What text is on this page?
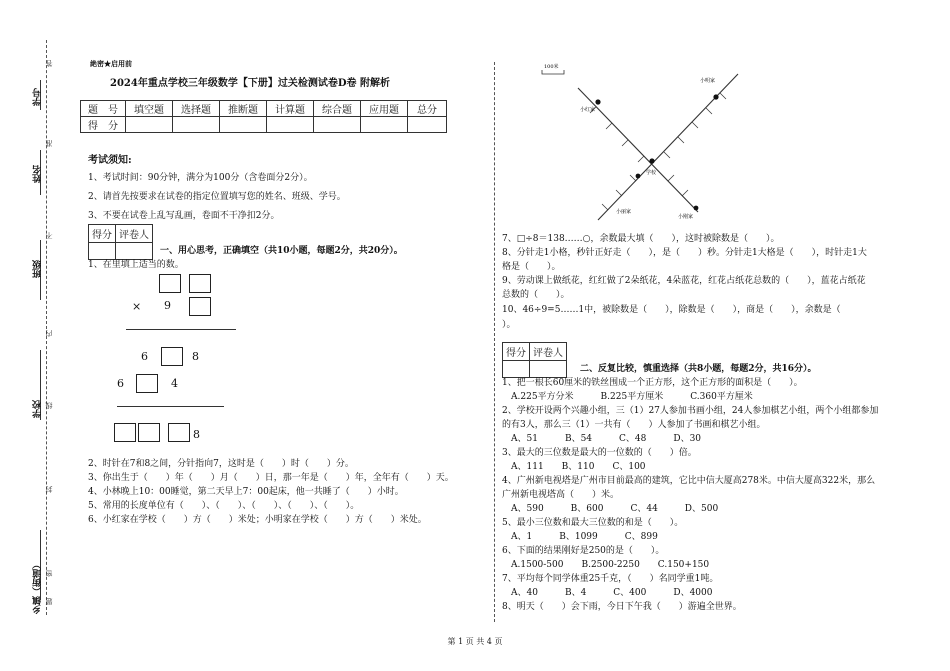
学号
姓名
班级
学校
乡镇（街道）
答
准
不
内
线
封
密
题
絶密★启用前
2024年重点学校三年级数学【下册】过关检测试卷D卷 附解析
题　号	填空题	选择题	推断题	计算题	综合题	应用题	总分
得　分							
考试须知:
1、考试时间：90分钟，满分为100分（含卷面分2分）。
2、请首先按要求在试卷的指定位置填写您的姓名、班级、学号。
3、不要在试卷上乱写乱画，卷面不干净扣2分。
得分	评卷人

一、用心思考，正确填空（共10小题，每题2分，共20分）。
1、在里填上适当的数。
× 9
6	8
6	4
8
2、时针在7和8之间，分针指向7，这时是（　　）时（　　）分。
3、你出生于（　　）年（　　）月（　　）日，那一年是（　　）年，全年有（　　）天。
4、小林晚上10：00睡觉，第二天早上7：00起床，他一共睡了（　　）小时。
5、常用的长度单位有（　　）、（　　）、（　　）、（　　）、（　　）。
6、小红家在学校（　　）方（　　）米处；小明家在学校（　　）方（　　）米处。
100米
小明家
小红家
学校
小刚家
小丽家
7、□÷8＝138……○，余数最大填（　　），这时被除数是（　　）。
8、分针走1小格，秒针正好走（　　），是（　　）秒。分针走1大格是（　　），时针走1大
格是（　　）。
9、劳动课上做纸花，红红做了2朵纸花，4朵蓝花，红花占纸花总数的（　　），蓝花占纸花
总数的（　　）。
10、46÷9=5……1中，被除数是（　　），除数是（　　），商是（　　），余数是（
）。
得分	评卷人

二、反复比较，慎重选择（共8小题，每题2分，共16分）。
1、把一根长60厘米的铁丝围成一个正方形，这个正方形的面积是（　　）。
　A.225平方分米　　　B.225平方厘米　　　C.360平方厘米
2、学校开设两个兴趣小组，三（1）27人参加书画小组，24人参加棋艺小组，两个小组都参加
的有3人，那么三（1）一共有（　　）人参加了书画和棋艺小组。
　A、51　　　B、54　　　C、48　　　D、30
3、最大的三位数是最大的一位数的（　　）倍。
　A、111　　B、110　　C、100
4、广州新电视塔是广州市目前最高的建筑，它比中信大厦高278米。中信大厦高322米，那么
广州新电视塔高（　　）米。
　A、590　　　B、600　　　C、44　　　D、500
5、最小三位数和最大三位数的和是（　　）。
　A、1　　　B、1099　　　C、899
6、下面的结果刚好是250的是（　　）。
　A.1500-500　　B.2500-2250　　C.150+150
7、平均每个同学体重25千克，（　　）名同学重1吨。
　A、40　　　B、4　　　C、400　　　D、4000
8、明天（　　）会下雨，今日下午我（　　）游遍全世界。
第 1 页 共 4 页
